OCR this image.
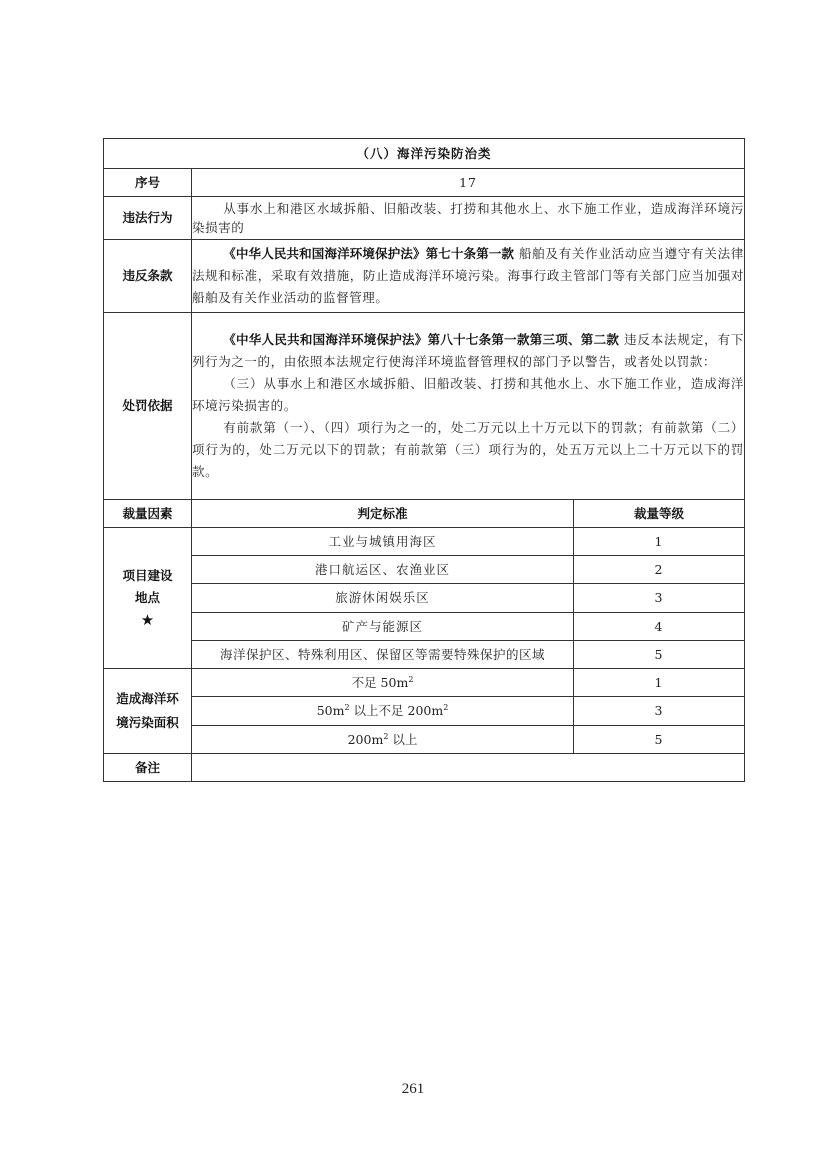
（八）海洋污染防治类		
序号	17	
违法行为	从事水上和港区水域拆船、旧船改装、打捞和其他水上、水下施工作业，造成海洋环境污染损害的	

违反条款	《中华人民共和国海洋环境保护法》第七十条第一款 船舶及有关作业活动应当遵守有关法律法规和标准，采取有效措施，防止造成海洋环境污染。海事行政主管部门等有关部门应当加强对船舶及有关作业活动的监督管理。	

处罚依据	《中华人民共和国海洋环境保护法》第八十七条第一款第三项、第二款 违反本法规定，有下列行为之一的，由依照本法规定行使海洋环境监督管理权的部门予以警告，或者处以罚款：

（三）从事水上和港区水域拆船、旧船改装、打捞和其他水上、水下施工作业，造成海洋环境污染损害的。

有前款第（一）、（四）项行为之一的，处二万元以上十万元以下的罚款；有前款第（二）项行为的，处二万元以下的罚款；有前款第（三）项行为的，处五万元以上二十万元以下的罚款。	

裁量因素	判定标准	裁量等级

项目建设
地点
★	工业与城镇用海区	1
	港口航运区、农渔业区	2
	旅游休闲娱乐区	3
	矿产与能源区	4
	海洋保护区、特殊利用区、保留区等需要特殊保护的区域	5

造成海洋环
境污染面积	不足 $50m^2$	1
	$50m^2$ 以上不足 $200m^2$	3
	$200m^2$ 以上	5
备注		
261
